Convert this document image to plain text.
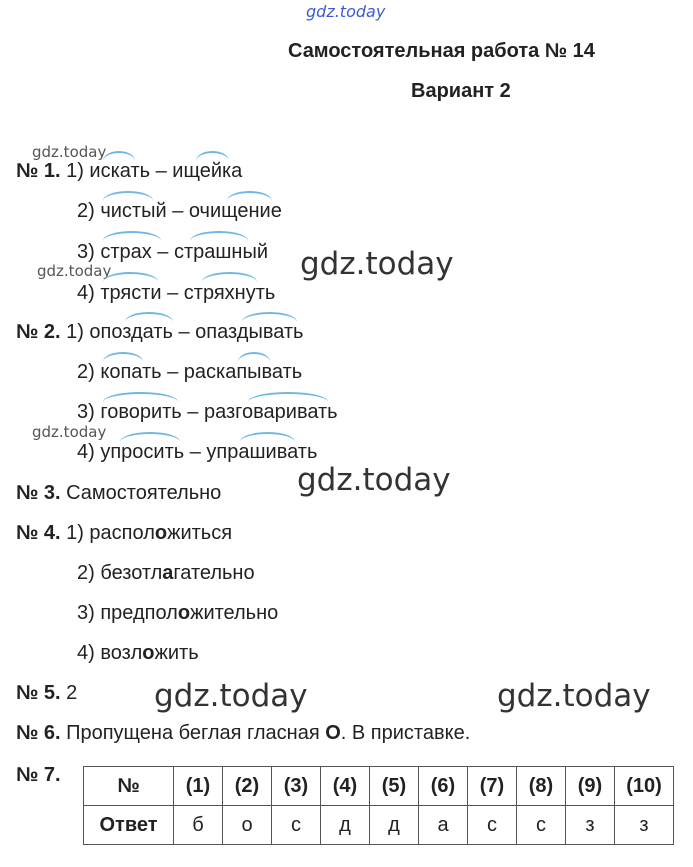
gdz.today
gdz.today
gdz.today
gdz.today
gdz.today
gdz.today
gdz.today	gdz.today
Самостоятельная работа № 14
Вариант 2
№ 1. 1) искать – ищейка
2) чистый – очищение
3) страх – страшный
4) трясти – стряхнуть
№ 2. 1) опоздать – опаздывать
2) копать – раскапывать
3) говорить – разговаривать
4) упросить – упрашивать
№ 3. Самостоятельно
№ 4. 1) расположиться
2) безотлагательно
3) предположительно
4) возложить
№ 5. 2
№ 6. Пропущена беглая гласная О. В приставке.
№ 7.	№	(1)	(2)	(3)	(4)	(5)	(6)	(7)	(8)	(9)	(10)
Ответ	б	о	с	д	д	а	с	с	з	з
